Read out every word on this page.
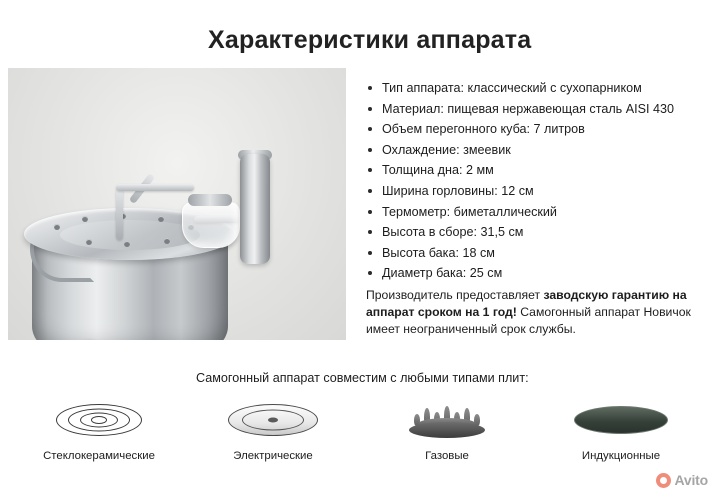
Характеристики аппарата
Тип аппарата: классический с сухопарником
Материал: пищевая нержавеющая сталь AISI 430
Объем перегонного куба: 7 литров
Охлаждение: змеевик
Толщина дна: 2 мм
Ширина горловины: 12 см
Термометр: биметаллический
Высота в сборе: 31,5 см
Высота бака: 18 см
Диаметр бака: 25 см
Производитель предоставляет заводскую гарантию на аппарат сроком на 1 год! Самогонный аппарат Новичок имеет неограниченный срок службы.
Самогонный аппарат совместим с любыми типами плит:
Стеклокерамические	Электрические	Газовые	Индукционные
Avito
